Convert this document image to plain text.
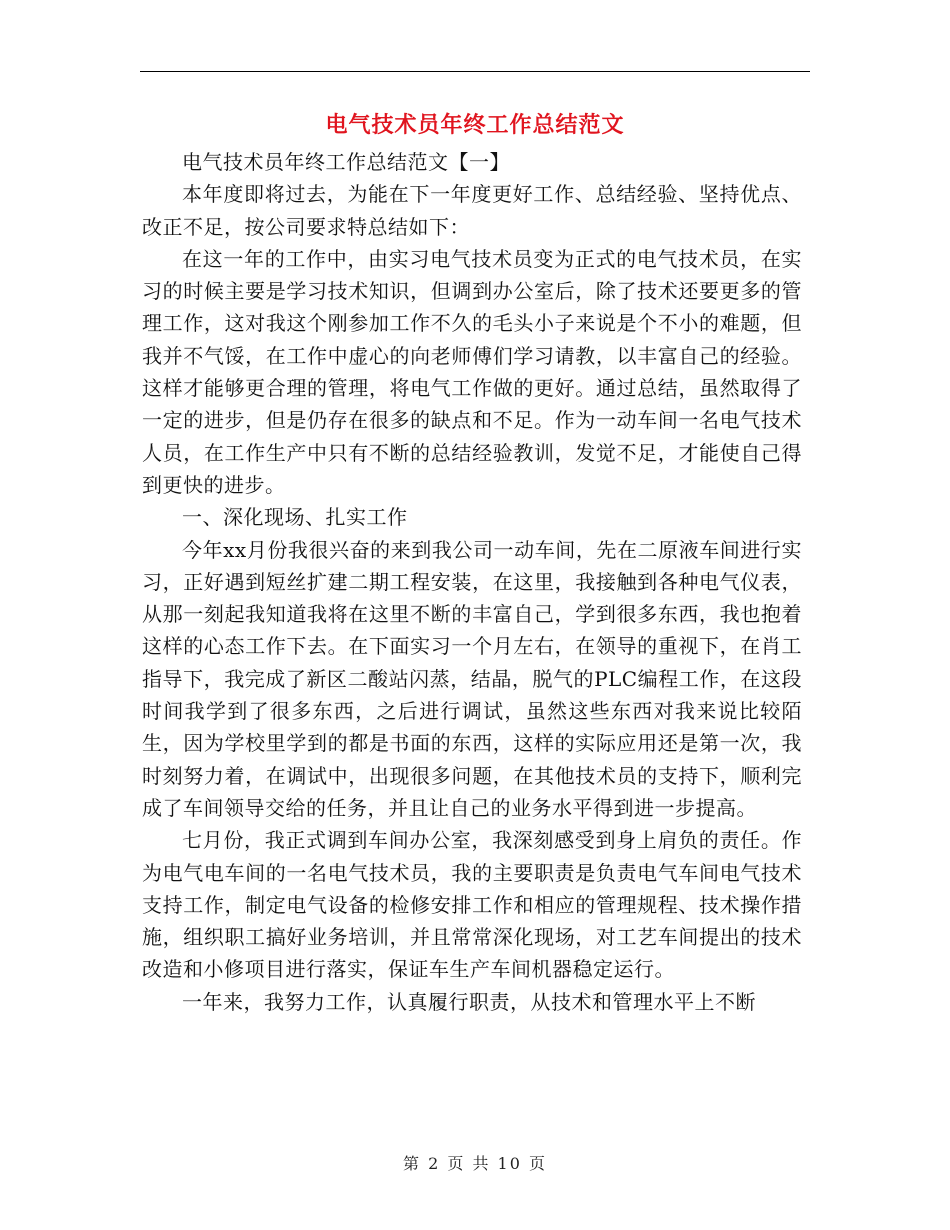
电气技术员年终工作总结范文

电气技术员年终工作总结范文【一】

本年度即将过去，为能在下一年度更好工作、总结经验、坚持优点、改正不足，按公司要求特总结如下：

在这一年的工作中，由实习电气技术员变为正式的电气技术员，在实习的时候主要是学习技术知识，但调到办公室后，除了技术还要更多的管理工作，这对我这个刚参加工作不久的毛头小子来说是个不小的难题，但我并不气馁，在工作中虚心的向老师傅们学习请教，以丰富自己的经验。这样才能够更合理的管理，将电气工作做的更好。通过总结，虽然取得了一定的进步，但是仍存在很多的缺点和不足。作为一动车间一名电气技术人员，在工作生产中只有不断的总结经验教训，发觉不足，才能使自己得到更快的进步。

一、深化现场、扎实工作

今年xx月份我很兴奋的来到我公司一动车间，先在二原液车间进行实习，正好遇到短丝扩建二期工程安装，在这里，我接触到各种电气仪表，从那一刻起我知道我将在这里不断的丰富自己，学到很多东西，我也抱着这样的心态工作下去。在下面实习一个月左右，在领导的重视下，在肖工指导下，我完成了新区二酸站闪蒸，结晶，脱气的PLC编程工作，在这段时间我学到了很多东西，之后进行调试，虽然这些东西对我来说比较陌生，因为学校里学到的都是书面的东西，这样的实际应用还是第一次，我时刻努力着，在调试中，出现很多问题，在其他技术员的支持下，顺利完成了车间领导交给的任务，并且让自己的业务水平得到进一步提高。

七月份，我正式调到车间办公室，我深刻感受到身上肩负的责任。作为电气电车间的一名电气技术员，我的主要职责是负责电气车间电气技术支持工作，制定电气设备的检修安排工作和相应的管理规程、技术操作措施，组织职工搞好业务培训，并且常常深化现场，对工艺车间提出的技术改造和小修项目进行落实，保证车生产车间机器稳定运行。

一年来，我努力工作，认真履行职责，从技术和管理水平上不断

第 2 页 共 10 页
